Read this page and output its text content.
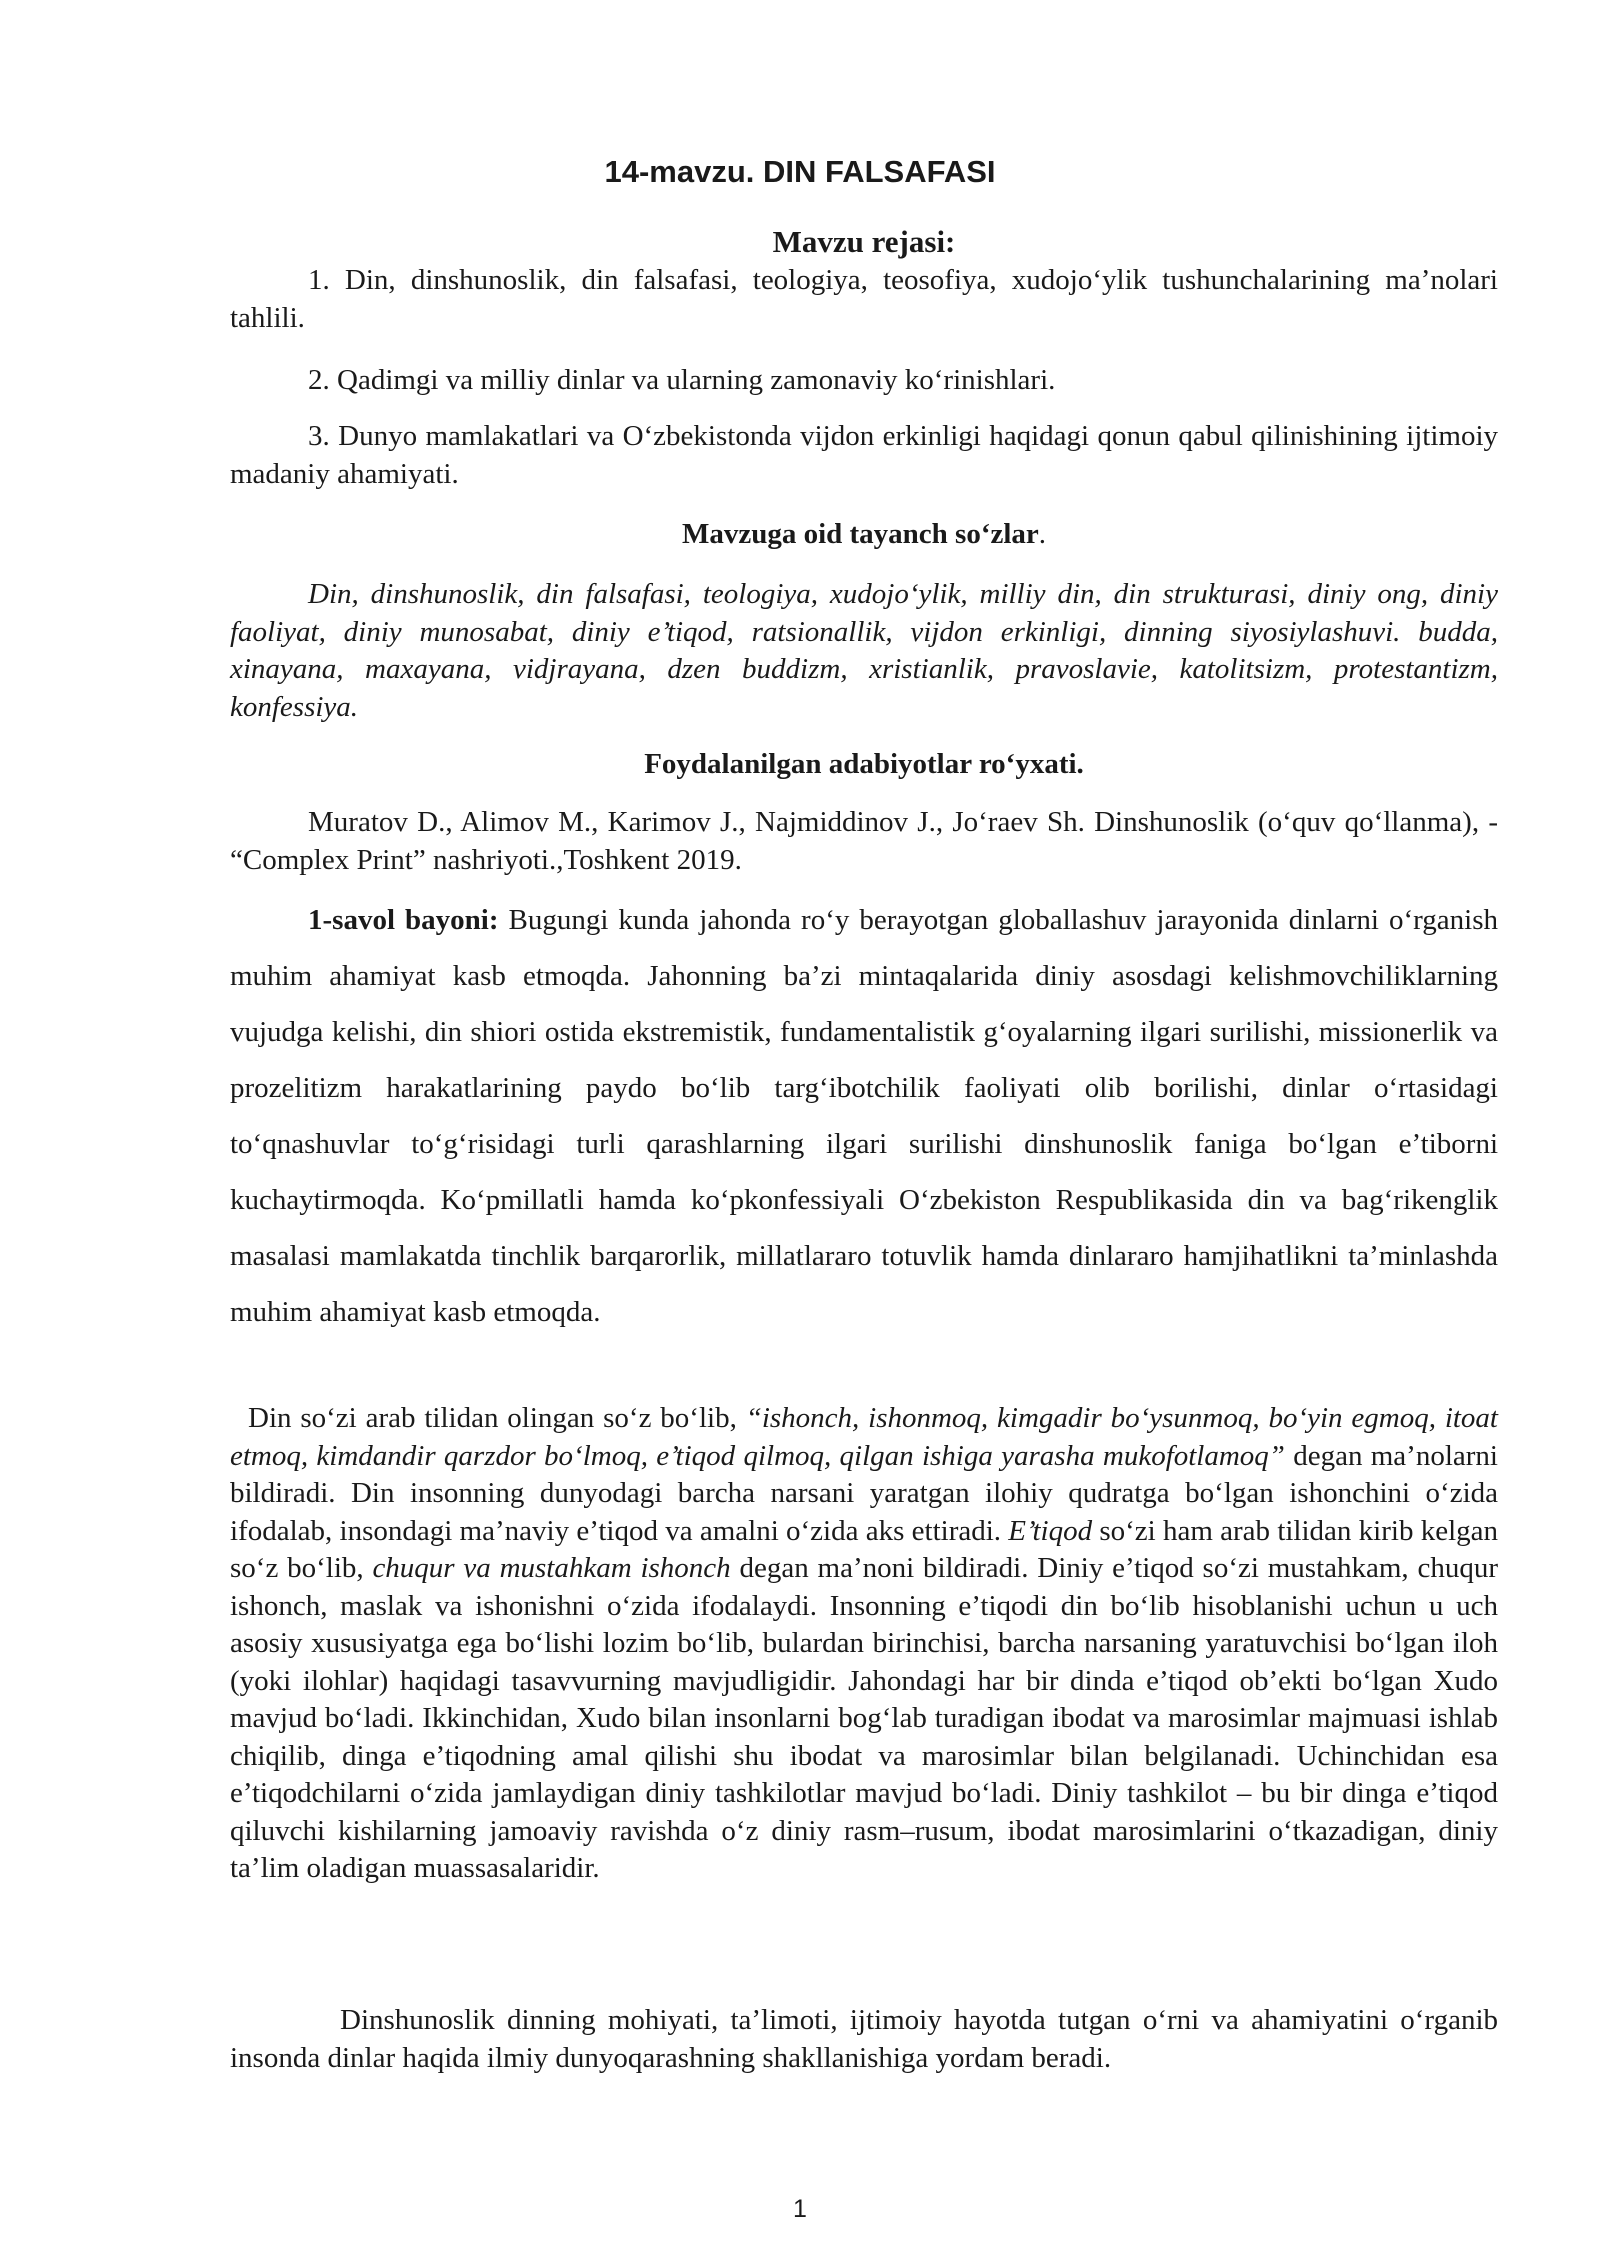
14-mavzu. DIN FALSAFASI
Mavzu rejasi:

1. Din, dinshunoslik, din falsafasi, teologiya, teosofiya, xudojo‘ylik tushunchalarining ma’nolari tahlili.

2. Qadimgi va milliy dinlar va ularning zamonaviy ko‘rinishlari.

3. Dunyo mamlakatlari va O‘zbekistonda vijdon erkinligi haqidagi qonun qabul qilinishining ijtimoiy madaniy ahamiyati.

Mavzuga oid tayanch so‘zlar.

Din, dinshunoslik, din falsafasi, teologiya, xudojo‘ylik, milliy din, din strukturasi, diniy ong, diniy faoliyat, diniy munosabat, diniy e’tiqod, ratsionallik, vijdon erkinligi, dinning siyosiylashuvi. budda, xinayana, maxayana, vidjrayana, dzen buddizm, xristianlik, pravoslavie, katolitsizm, protestantizm, konfessiya.

Foydalanilgan adabiyotlar ro‘yxati.

Muratov D., Alimov M., Karimov J., Najmiddinov J., Jo‘raev Sh. Dinshunoslik (o‘quv qo‘llanma), - “Complex Print” nashriyoti.,Toshkent 2019.

1-savol bayoni: Bugungi kunda jahonda ro‘y berayotgan globallashuv jarayonida dinlarni o‘rganish muhim ahamiyat kasb etmoqda. Jahonning ba’zi mintaqalarida diniy asosdagi kelishmovchiliklarning vujudga kelishi, din shiori ostida ekstremistik, fundamentalistik g‘oyalarning ilgari surilishi, missionerlik va prozelitizm harakatlarining paydo bo‘lib targ‘ibotchilik faoliyati olib borilishi, dinlar o‘rtasidagi to‘qnashuvlar to‘g‘risidagi turli qarashlarning ilgari surilishi dinshunoslik faniga bo‘lgan e’tiborni kuchaytirmoqda. Ko‘pmillatli hamda ko‘pkonfessiyali O‘zbekiston Respublikasida din va bag‘rikenglik masalasi mamlakatda tinchlik barqarorlik, millatlararo totuvlik hamda dinlararo hamjihatlikni ta’minlashda muhim ahamiyat kasb etmoqda.

Din so‘zi arab tilidan olingan so‘z bo‘lib, “ishonch, ishonmoq, kimgadir bo‘ysunmoq, bo‘yin egmoq, itoat etmoq, kimdandir qarzdor bo‘lmoq, e’tiqod qilmoq, qilgan ishiga yarasha mukofotlamoq” degan ma’nolarni bildiradi. Din insonning dunyodagi barcha narsani yaratgan ilohiy qudratga bo‘lgan ishonchini o‘zida ifodalab, insondagi ma’naviy e’tiqod va amalni o‘zida aks ettiradi. E’tiqod so‘zi ham arab tilidan kirib kelgan so‘z bo‘lib, chuqur va mustahkam ishonch degan ma’noni bildiradi. Diniy e’tiqod so‘zi mustahkam, chuqur ishonch, maslak va ishonishni o‘zida ifodalaydi. Insonning e’tiqodi din bo‘lib hisoblanishi uchun u uch asosiy xususiyatga ega bo‘lishi lozim bo‘lib, bulardan birinchisi, barcha narsaning yaratuvchisi bo‘lgan iloh (yoki ilohlar) haqidagi tasavvurning mavjudligidir. Jahondagi har bir dinda e’tiqod ob’ekti bo‘lgan Xudo mavjud bo‘ladi. Ikkinchidan, Xudo bilan insonlarni bog‘lab turadigan ibodat va marosimlar majmuasi ishlab chiqilib, dinga e’tiqodning amal qilishi shu ibodat va marosimlar bilan belgilanadi. Uchinchidan esa e’tiqodchilarni o‘zida jamlaydigan diniy tashkilotlar mavjud bo‘ladi. Diniy tashkilot – bu bir dinga e’tiqod qiluvchi kishilarning jamoaviy ravishda o‘z diniy rasm–rusum, ibodat marosimlarini o‘tkazadigan, diniy ta’lim oladigan muassasalaridir.

Dinshunoslik dinning mohiyati, ta’limoti, ijtimoiy hayotda tutgan o‘rni va ahamiyatini o‘rganib insonda dinlar haqida ilmiy dunyoqarashning shakllanishiga yordam beradi.

1
